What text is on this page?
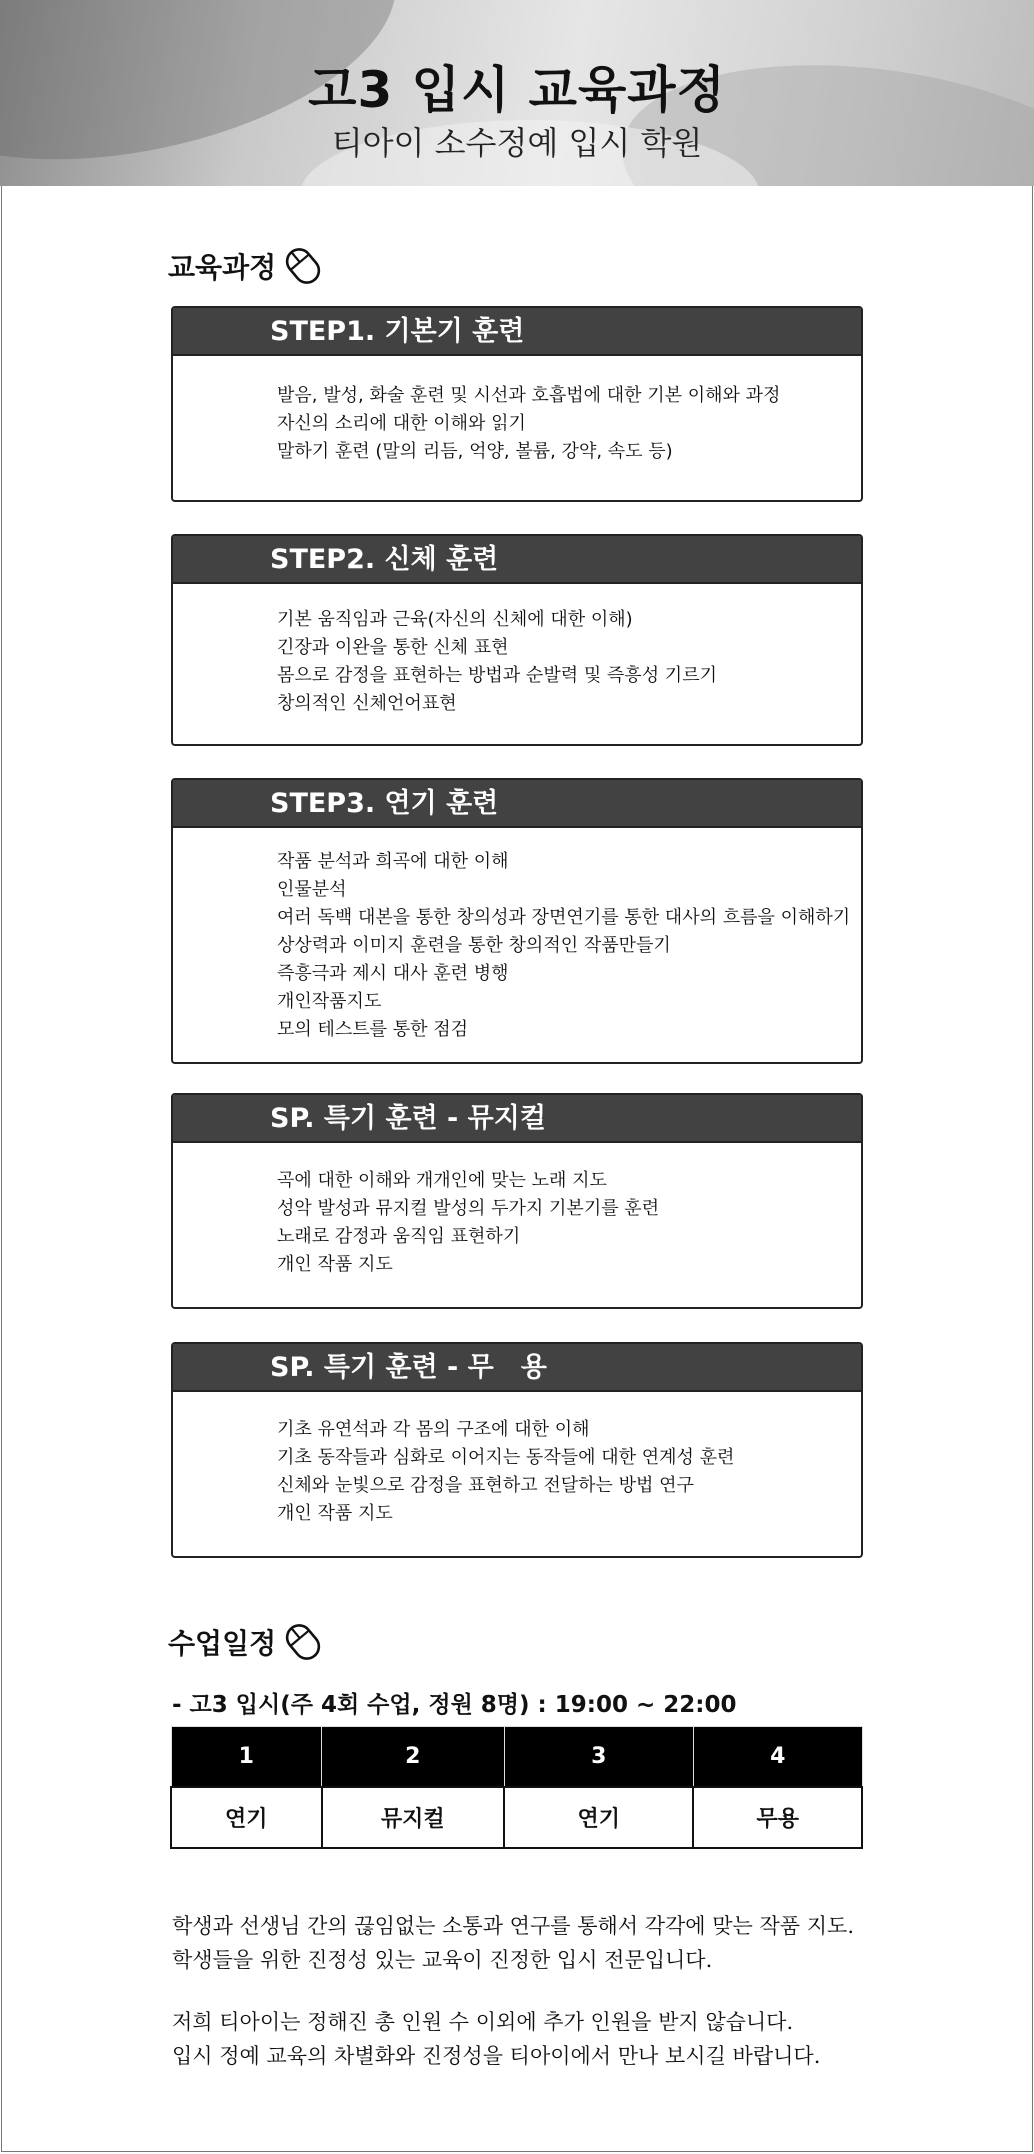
고3 입시 교육과정
티아이 소수정예 입시 학원
교육과정
STEP1. 기본기 훈련
발음, 발성, 화술 훈련 및 시선과 호흡법에 대한 기본 이해와 과정
자신의 소리에 대한 이해와 읽기
말하기 훈련 (말의 리듬, 억양, 볼륨, 강약, 속도 등)
STEP2. 신체 훈련
기본 움직임과 근육(자신의 신체에 대한 이해)
긴장과 이완을 통한 신체 표현
몸으로 감정을 표현하는 방법과 순발력 및 즉흥성 기르기
창의적인 신체언어표현
STEP3. 연기 훈련
작품 분석과 희곡에 대한 이해
인물분석
여러 독백 대본을 통한 창의성과 장면연기를 통한 대사의 흐름을 이해하기
상상력과 이미지 훈련을 통한 창의적인 작품만들기
즉흥극과 제시 대사 훈련 병행
개인작품지도
모의 테스트를 통한 점검
SP. 특기 훈련 - 뮤지컬
곡에 대한 이해와 개개인에 맞는 노래 지도
성악 발성과 뮤지컬 발성의 두가지 기본기를 훈련
노래로 감정과 움직임 표현하기
개인 작품 지도
SP. 특기 훈련 - 무　용
기초 유연석과 각 몸의 구조에 대한 이해
기초 동작들과 심화로 이어지는 동작들에 대한 연계성 훈련
신체와 눈빛으로 감정을 표현하고 전달하는 방법 연구
개인 작품 지도
수업일정
- 고3 입시(주 4회 수업, 정원 8명) : 19:00 ~ 22:00
1	2	3	4
연기	뮤지컬	연기	무용

학생과 선생님 간의 끊임없는 소통과 연구를 통해서 각각에 맞는 작품 지도.

학생들을 위한 진정성 있는 교육이 진정한 입시 전문입니다.

저희 티아이는 정해진 총 인원 수 이외에 추가 인원을 받지 않습니다.

입시 정예 교육의 차별화와 진정성을 티아이에서 만나 보시길 바랍니다.
